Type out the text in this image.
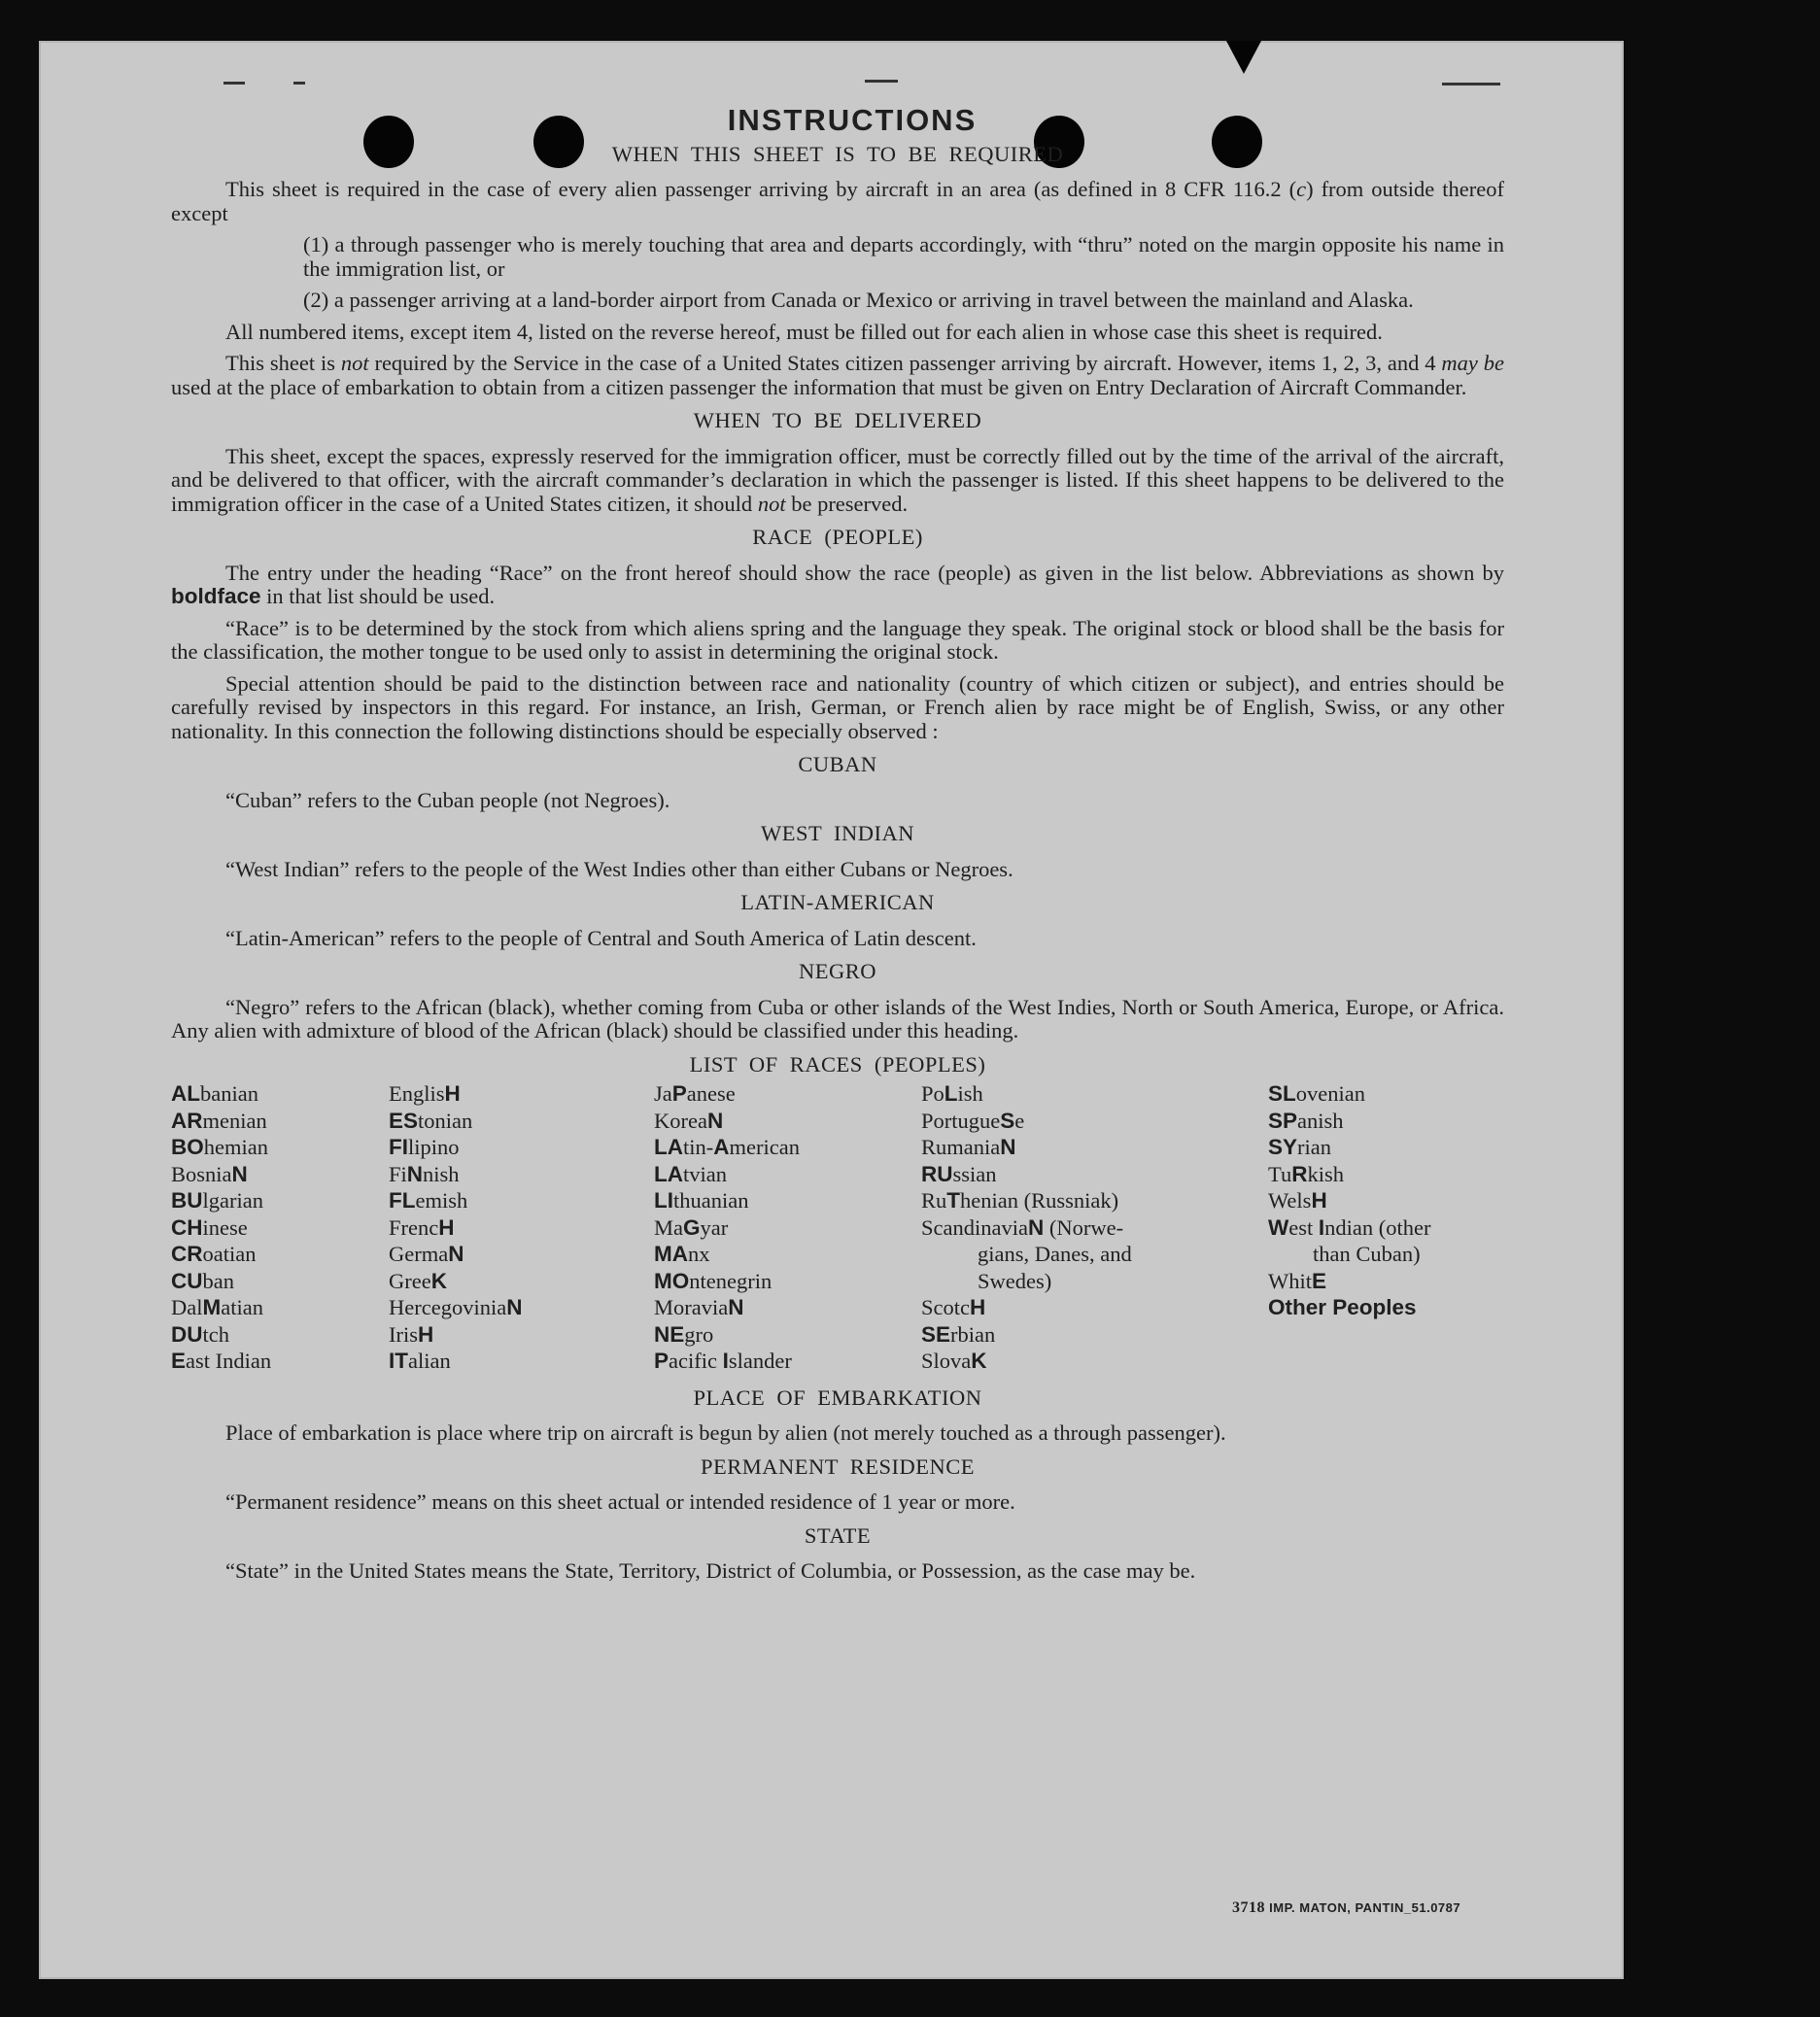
INSTRUCTIONS
WHEN THIS SHEET IS TO BE REQUIRED

This sheet is required in the case of every alien passenger arriving by aircraft in an area (as defined in 8 CFR 116.2 (c) from outside thereof except

(1) a through passenger who is merely touching that area and departs accordingly, with “thru” noted on the margin opposite his name in the immigration list, or
(2) a passenger arriving at a land-border airport from Canada or Mexico or arriving in travel between the mainland and Alaska.

All numbered items, except item 4, listed on the reverse hereof, must be filled out for each alien in whose case this sheet is required.

This sheet is not required by the Service in the case of a United States citizen passenger arriving by aircraft. However, items 1, 2, 3, and 4 may be used at the place of embarkation to obtain from a citizen passenger the information that must be given on Entry Declaration of Aircraft Commander.

WHEN TO BE DELIVERED

This sheet, except the spaces, expressly reserved for the immigration officer, must be correctly filled out by the time of the arrival of the aircraft, and be delivered to that officer, with the aircraft commander’s declaration in which the passenger is listed. If this sheet happens to be delivered to the immigration officer in the case of a United States citizen, it should not be preserved.

RACE (PEOPLE)

The entry under the heading “Race” on the front hereof should show the race (people) as given in the list below. Abbreviations as shown by boldface in that list should be used.

“Race” is to be determined by the stock from which aliens spring and the language they speak. The original stock or blood shall be the basis for the classification, the mother tongue to be used only to assist in determining the original stock.

Special attention should be paid to the distinction between race and nationality (country of which citizen or subject), and entries should be carefully revised by inspectors in this regard. For instance, an Irish, German, or French alien by race might be of English, Swiss, or any other nationality. In this connection the following distinctions should be especially observed :

CUBAN

“Cuban” refers to the Cuban people (not Negroes).

WEST INDIAN

“West Indian” refers to the people of the West Indies other than either Cubans or Negroes.

LATIN-AMERICAN

“Latin-American” refers to the people of Central and South America of Latin descent.

NEGRO

“Negro” refers to the African (black), whether coming from Cuba or other islands of the West Indies, North or South America, Europe, or Africa. Any alien with admixture of blood of the African (black) should be classified under this heading.

LIST OF RACES (PEOPLES)
ALbanian
ARmenian
BOhemian
BosniaN
BUlgarian
CHinese
CRoatian
CUban
DalMatian
DUtch
East Indian
EnglisH
EStonian
FIlipino
FiNnish
FLemish
FrencH
GermaN
GreeK
HercegoviniaN
IrisH
ITalian
JaPanese
KoreaN
LAtin-American
LAtvian
LIthuanian
MaGyar
MAnx
MOntenegrin
MoraviaN
NEgro
Pacific Islander
PoLish
PortugueSe
RumaniaN
RUssian
RuThenian (Russniak)
ScandinaviaN (Norwe-
gians, Danes, and
Swedes)
ScotcH
SErbian
SlovaK
SLovenian
SPanish
SYrian
TuRkish
WelsH
West Indian (other
than Cuban)
WhitE
Other Peoples
PLACE OF EMBARKATION

Place of embarkation is place where trip on aircraft is begun by alien (not merely touched as a through passenger).

PERMANENT RESIDENCE

“Permanent residence” means on this sheet actual or intended residence of 1 year or more.

STATE

“State” in the United States means the State, Territory, District of Columbia, or Possession, as the case may be.

3718 IMP. MATON, PANTIN_51.0787
